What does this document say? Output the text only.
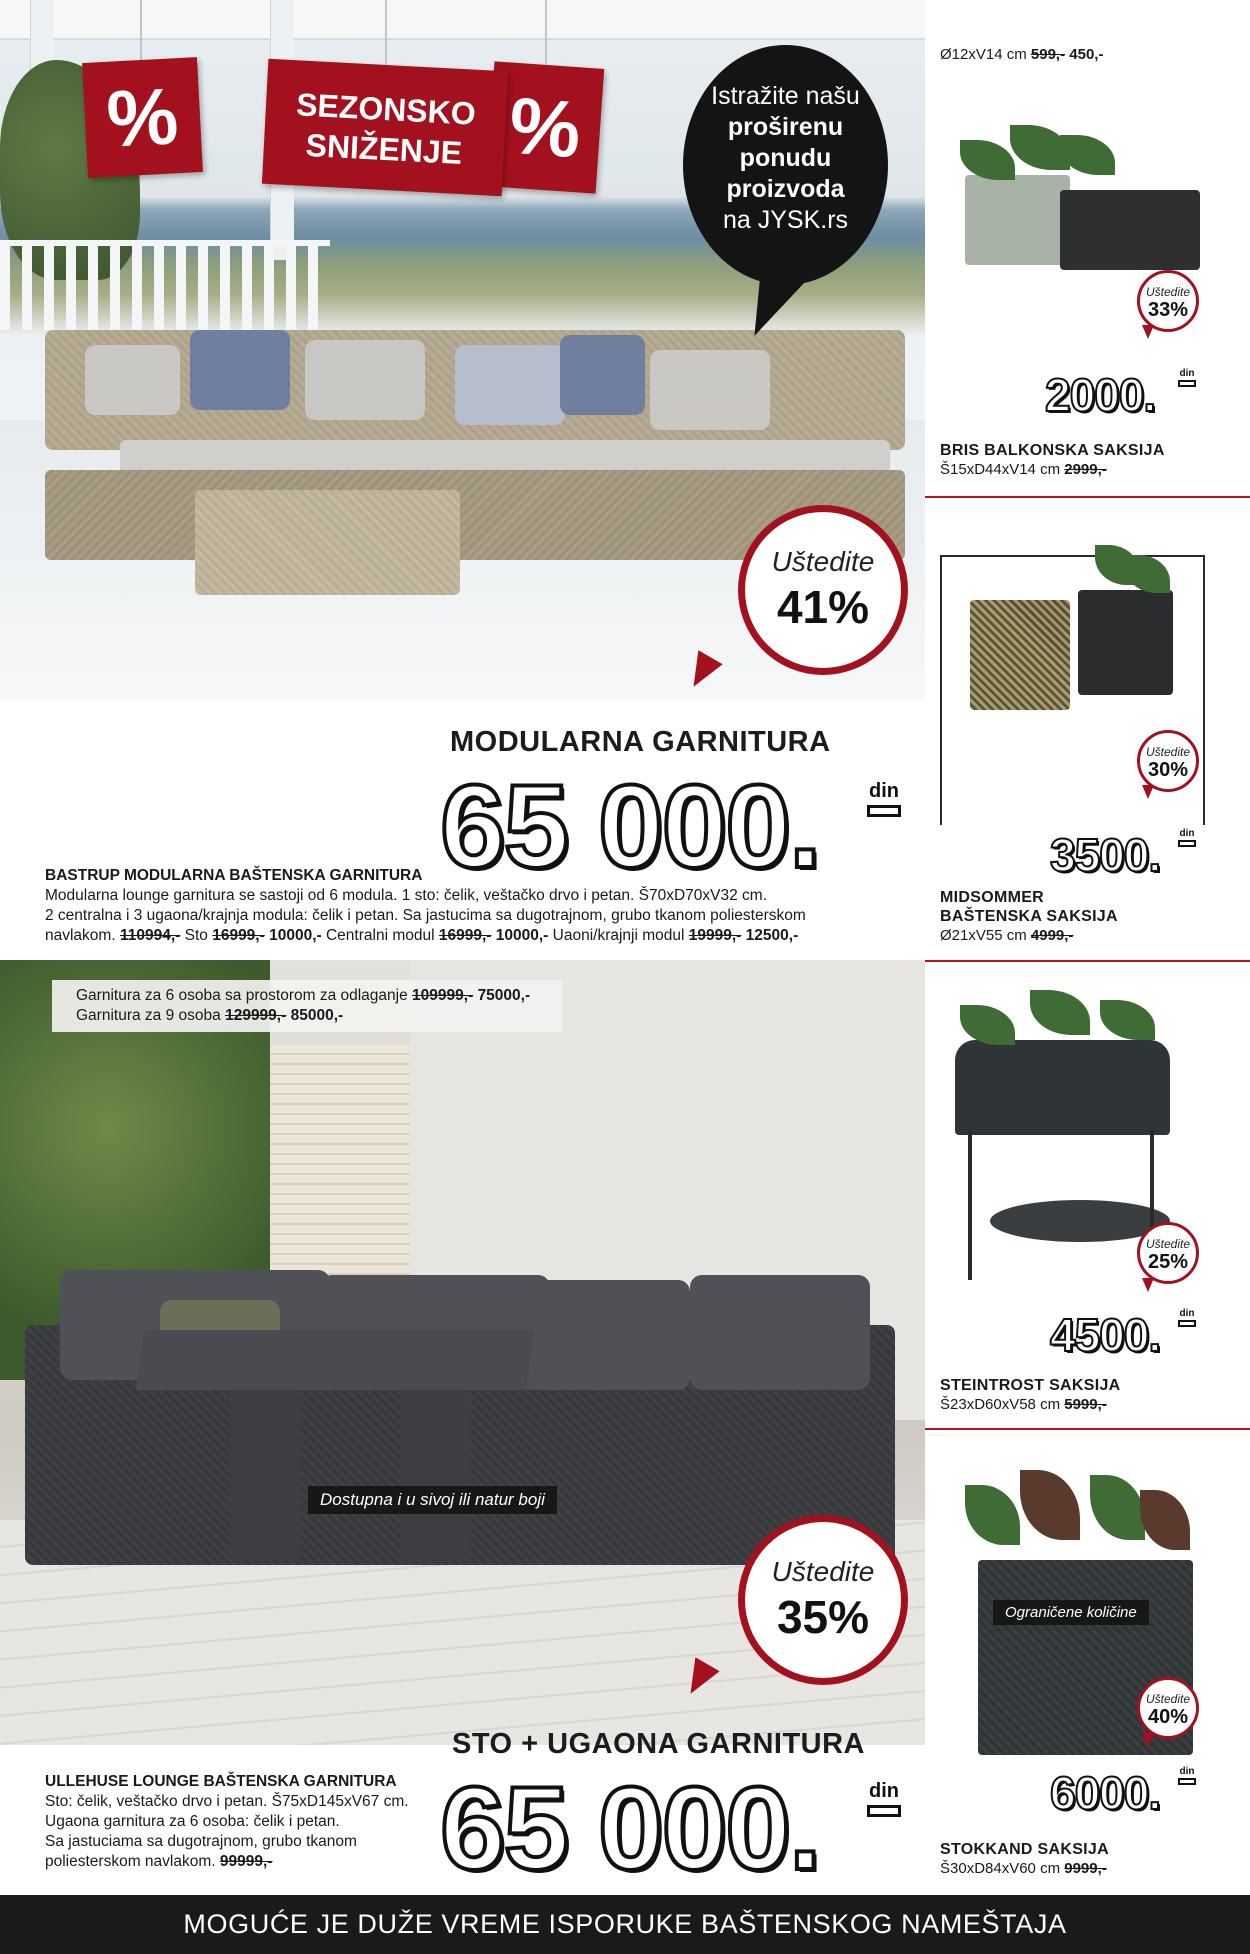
%	%
SEZONSKO SNIŽENJE
Istražite našu
proširenu
ponudu
proizvoda
na JYSK.rs
Uštedite
41%
MODULARNA GARNITURA
65 000. din
BASTRUP MODULARNA BAŠTENSKA GARNITURA
Modularna lounge garnitura se sastoji od 6 modula. 1 sto: čelik, veštačko drvo i petan. Š70xD70xV32 cm.
2 centralna i 3 ugaona/krajnja modula: čelik i petan. Sa jastucima sa dugotrajnom, grubo tkanom poliesterskom
navlakom. 110994,- Sto 16999,- 10000,- Centralni modul 16999,- 10000,- Uaoni/krajnji modul 19999,- 12500,-
Garnitura za 6 osoba sa prostorom za odlaganje 109999,- 75000,-
Garnitura za 9 osoba 129999,- 85000,-
Dostupna i u sivoj ili natur boji
Uštedite
35%
STO + UGAONA GARNITURA
65 000. din
ULLEHUSE LOUNGE BAŠTENSKA GARNITURA
Sto: čelik, veštačko drvo i petan. Š75xD145xV67 cm.
Ugaona garnitura za 6 osoba: čelik i petan.
Sa jastuciama sa dugotrajnom, grubo tkanom
poliesterskom navlakom. 99999,-
Ø12xV14 cm 599,- 450,-
Uštedite
33%
2000. din
BRIS BALKONSKA SAKSIJA
Š15xD44xV14 cm 2999,-
Uštedite
30%
3500. din
MIDSOMMER
BAŠTENSKA SAKSIJA
Ø21xV55 cm 4999,-
Uštedite
25%
4500. din
STEINTROST SAKSIJA
Š23xD60xV58 cm 5999,-
Ograničene količine
Uštedite
40%
6000. din
STOKKAND SAKSIJA
Š30xD84xV60 cm 9999,-
MOGUĆE JE DUŽE VREME ISPORUKE BAŠTENSKOG NAMEŠTAJA
